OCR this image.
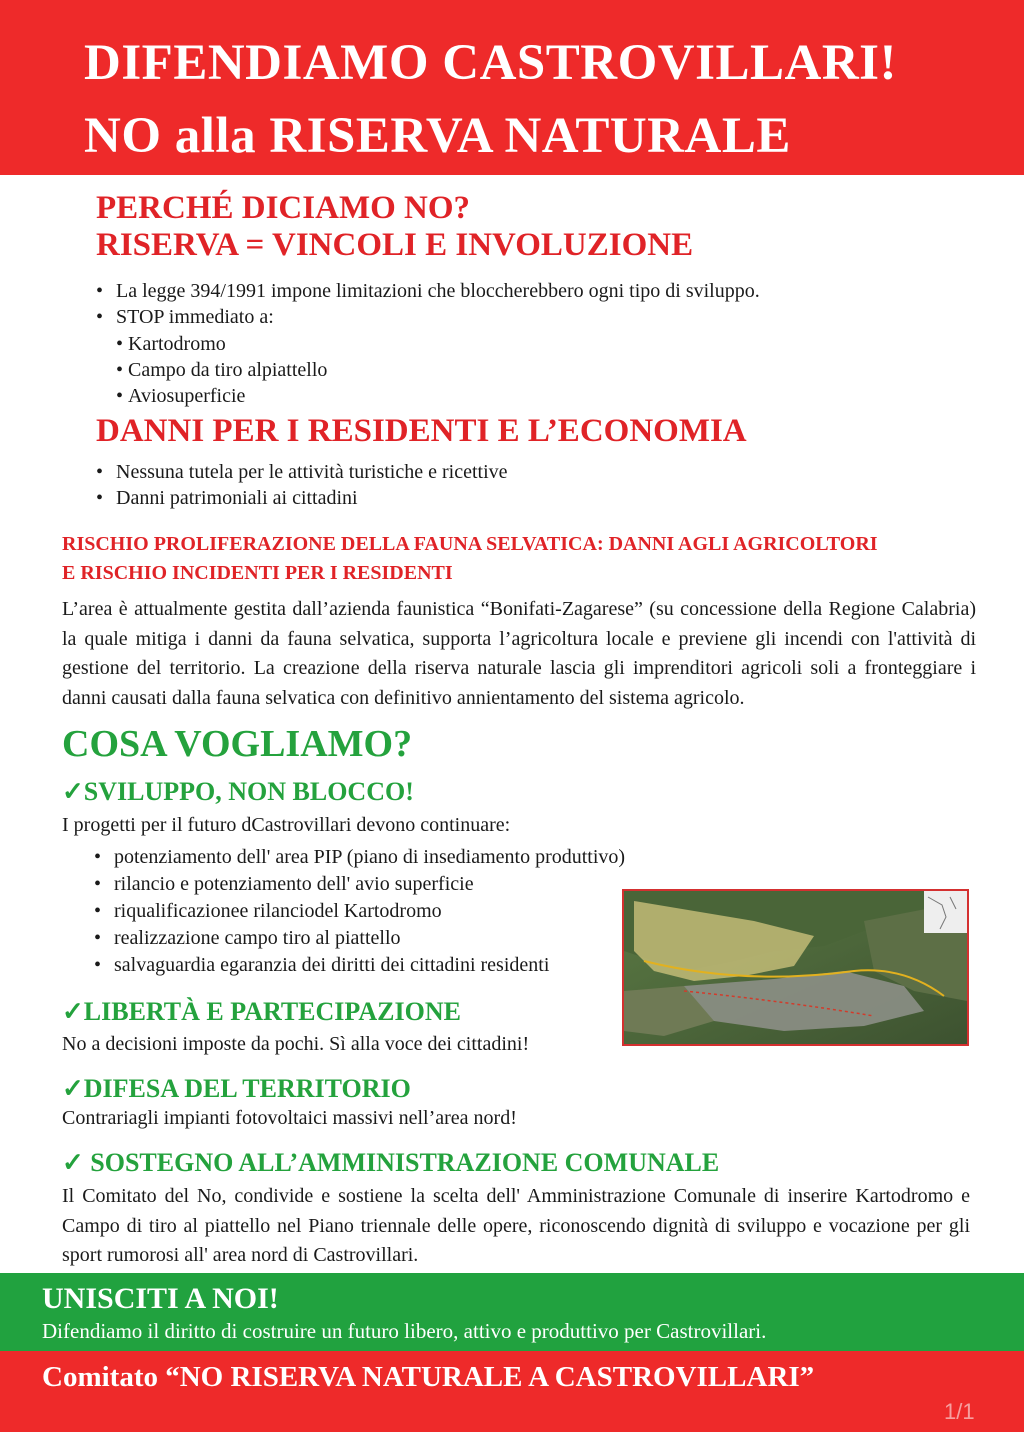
DIFENDIAMO CASTROVILLARI!
NO alla RISERVA NATURALE
PERCHÉ DICIAMO NO?
RISERVA = VINCOLI E INVOLUZIONE
• La legge 394/1991 impone limitazioni che bloccherebbero ogni tipo di sviluppo.
• STOP immediato a:
• Kartodromo
• Campo da tiro alpiattello
• Aviosuperficie
DANNI PER I RESIDENTI E L’ECONOMIA
• Nessuna tutela per le attività turistiche e ricettive
• Danni patrimoniali ai cittadini
RISCHIO PROLIFERAZIONE DELLA FAUNA SELVATICA: DANNI AGLI AGRICOLTORI
E RISCHIO INCIDENTI PER I RESIDENTI
L’area è attualmente gestita dall’azienda faunistica “Bonifati-Zagarese” (su concessione della Regione Calabria) la quale mitiga i danni da fauna selvatica, supporta l’agricoltura locale e previene gli incendi con l'attività di gestione del territorio. La creazione della riserva naturale lascia gli imprenditori agricoli soli a fronteggiare i danni causati dalla fauna selvatica con definitivo annientamento del sistema agricolo.
COSA VOGLIAMO?
✓SVILUPPO, NON BLOCCO!
I progetti per il futuro dCastrovillari devono continuare:
• potenziamento dell' area PIP (piano di insediamento produttivo)
• rilancio e potenziamento dell' avio superficie
• riqualificazionee rilanciodel Kartodromo
• realizzazione campo tiro al piattello
• salvaguardia egaranzia dei diritti dei cittadini residenti
✓LIBERTÀ E PARTECIPAZIONE
No a decisioni imposte da pochi. Sì alla voce dei cittadini!
✓DIFESA DEL TERRITORIO
Contrariagli impianti fotovoltaici massivi nell’area nord!
✓ SOSTEGNO ALL’AMMINISTRAZIONE COMUNALE
Il Comitato del No, condivide e sostiene la scelta dell' Amministrazione Comunale di inserire Kartodromo e Campo di tiro al piattello nel Piano triennale delle opere, riconoscendo dignità di sviluppo e vocazione per gli sport rumorosi all' area nord di Castrovillari.
UNISCITI A NOI!
Difendiamo il diritto di costruire un futuro libero, attivo e produttivo per Castrovillari.
Comitato “NO RISERVA NATURALE A CASTROVILLARI”
1/1
